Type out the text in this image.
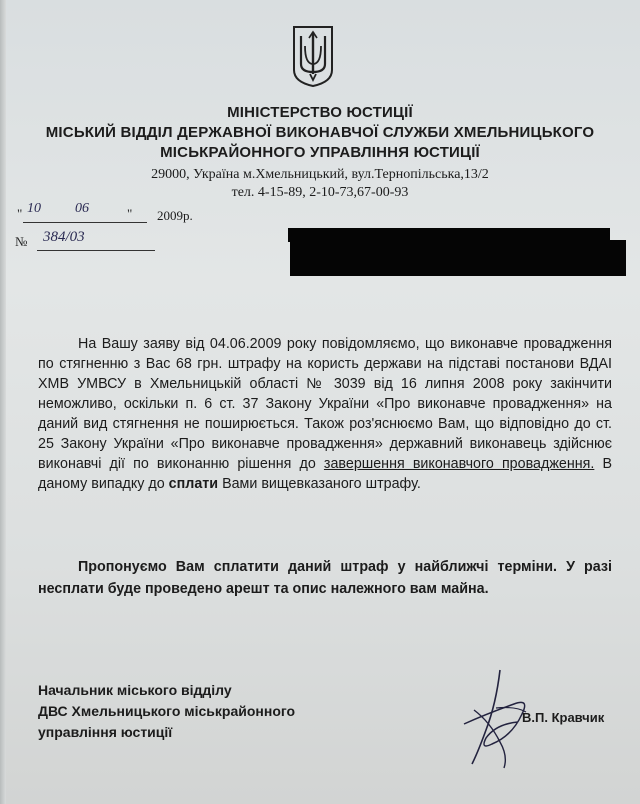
МІНІСТЕРСТВО ЮСТИЦІЇ
МІСЬКИЙ ВІДДІЛ ДЕРЖАВНОЇ ВИКОНАВЧОЇ СЛУЖБИ ХМЕЛЬНИЦЬКОГО
МІСЬКРАЙОННОГО УПРАВЛІННЯ ЮСТИЦІЇ
29000, Україна м.Хмельницький, вул.Тернопільська,13/2
тел. 4-15-89, 2-10-73,67-00-93
" 10 06	" 2009р.
№ 384/03

На Вашу заяву від 04.06.2009 року повідомляємо, що виконавче провадження по стягненню з Вас 68 грн. штрафу на користь держави на підставі постанови ВДАІ ХМВ УМВСУ в Хмельницькій області № 3039 від 16 липня 2008 року закінчити неможливо, оскільки п. 6 ст. 37 Закону України «Про виконавче провадження» на даний вид стягнення не поширюється. Також роз'яснюємо Вам, що відповідно до ст. 25 Закону України «Про виконавче провадження» державний виконавець здійснює виконавчі дії по виконанню рішення до завершення виконавчого провадження. В даному випадку до сплати Вами вищевказаного штрафу.

Пропонуємо Вам сплатити даний штраф у найближчі терміни. У разі несплати буде проведено арешт та опис належного вам майна.

Начальник міського відділу
ДВС Хмельницького міськрайонного
управління юстиції
В.П. Кравчик
